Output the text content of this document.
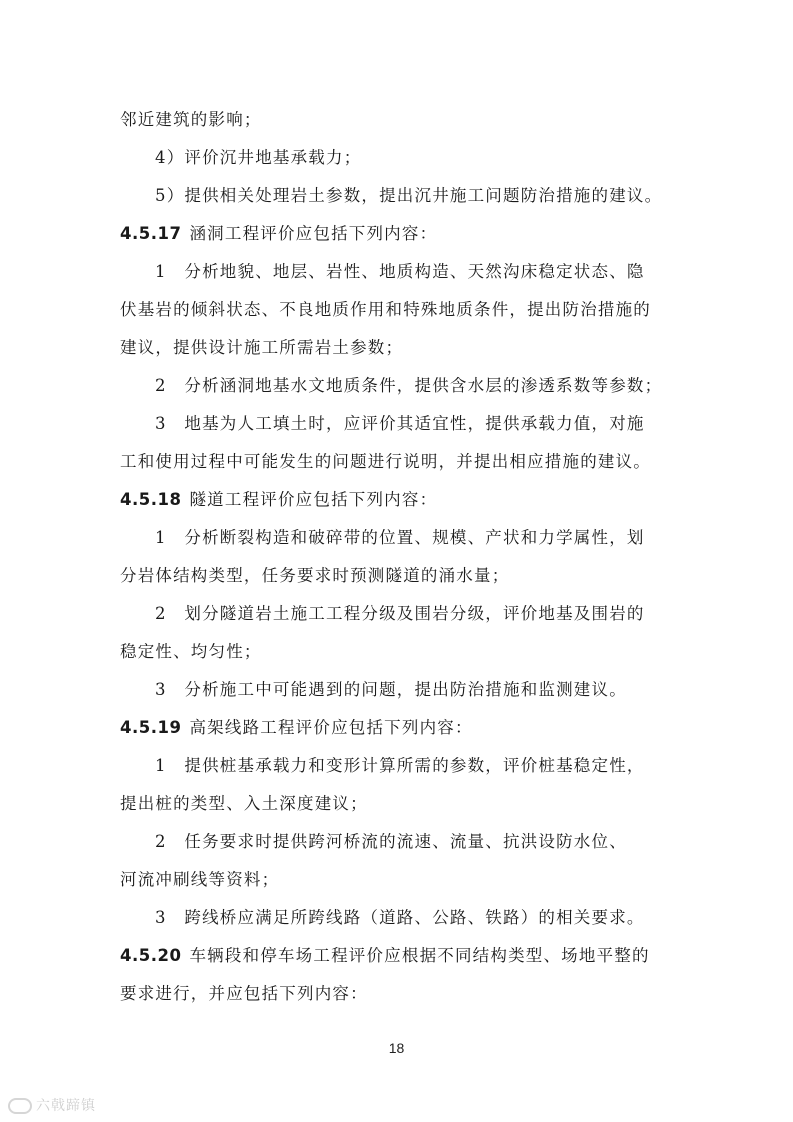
邻近建筑的影响；
4）评价沉井地基承载力；
5）提供相关处理岩土参数，提出沉井施工问题防治措施的建议。
4.5.17 涵洞工程评价应包括下列内容：
1　分析地貌、地层、岩性、地质构造、天然沟床稳定状态、隐
伏基岩的倾斜状态、不良地质作用和特殊地质条件，提出防治措施的
建议，提供设计施工所需岩土参数；
2　分析涵洞地基水文地质条件，提供含水层的渗透系数等参数；
3　地基为人工填土时，应评价其适宜性，提供承载力值，对施
工和使用过程中可能发生的问题进行说明，并提出相应措施的建议。
4.5.18 隧道工程评价应包括下列内容：
1　分析断裂构造和破碎带的位置、规模、产状和力学属性，划
分岩体结构类型，任务要求时预测隧道的涌水量；
2　划分隧道岩土施工工程分级及围岩分级，评价地基及围岩的
稳定性、均匀性；
3　分析施工中可能遇到的问题，提出防治措施和监测建议。
4.5.19 高架线路工程评价应包括下列内容：
1　提供桩基承载力和变形计算所需的参数，评价桩基稳定性，
提出桩的类型、入土深度建议；
2　任务要求时提供跨河桥流的流速、流量、抗洪设防水位、
河流冲刷线等资料；
3　跨线桥应满足所跨线路（道路、公路、铁路）的相关要求。
4.5.20 车辆段和停车场工程评价应根据不同结构类型、场地平整的
要求进行，并应包括下列内容：
18
六戟蹄镇
